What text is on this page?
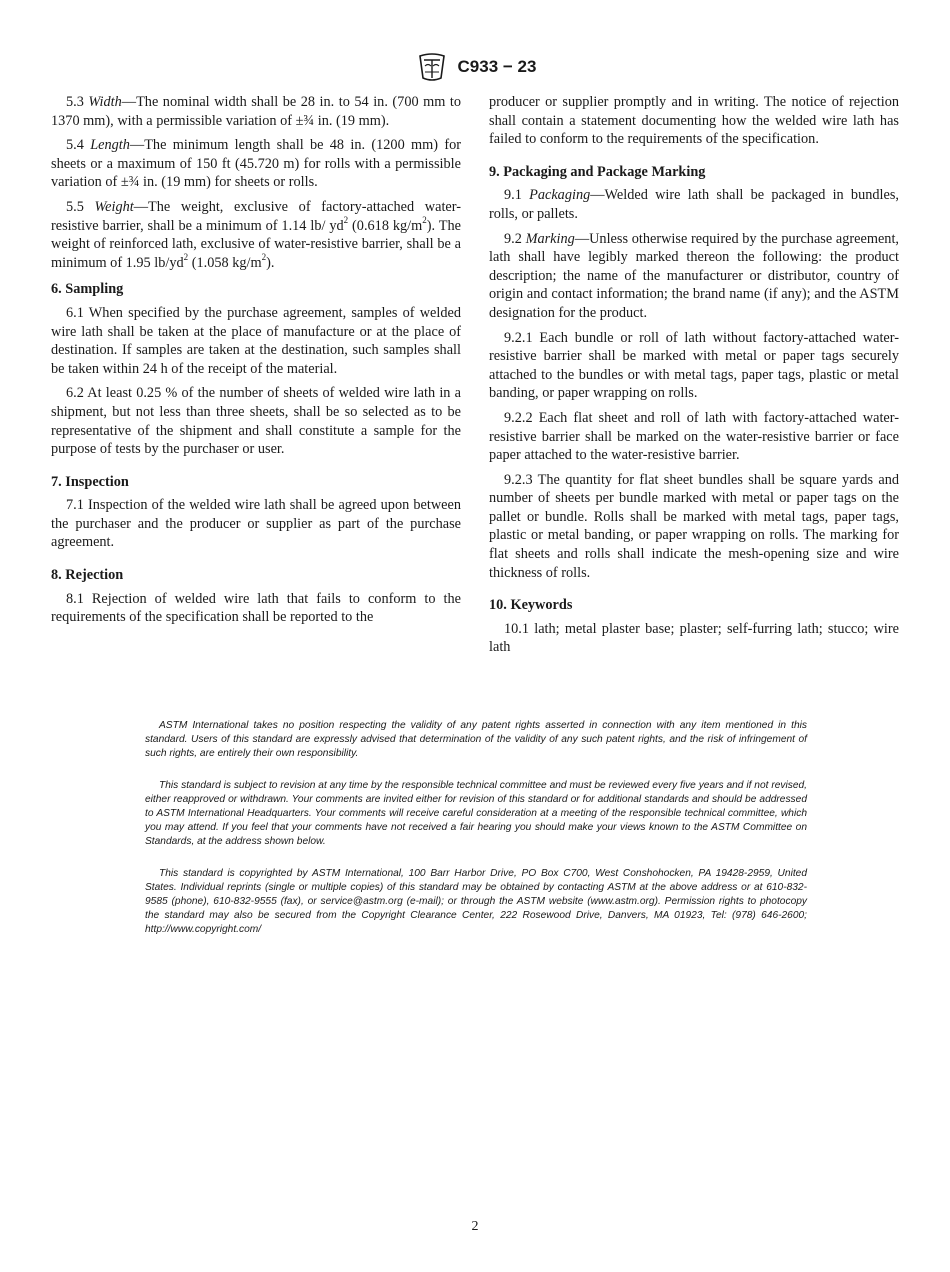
C933 − 23

5.3 Width—The nominal width shall be 28 in. to 54 in. (700 mm to 1370 mm), with a permissible variation of ±¾ in. (19 mm).

5.4 Length—The minimum length shall be 48 in. (1200 mm) for sheets or a maximum of 150 ft (45.720 m) for rolls with a permissible variation of ±¾ in. (19 mm) for sheets or rolls.

5.5 Weight—The weight, exclusive of factory-attached water-resistive barrier, shall be a minimum of 1.14 lb/ $yd^2$ (0.618 $kg/m^2$). The weight of reinforced lath, exclusive of water-resistive barrier, shall be a minimum of 1.95 $lb/yd^2$ (1.058 $kg/m^2$).

6. Sampling

6.1 When specified by the purchase agreement, samples of welded wire lath shall be taken at the place of manufacture or at the place of destination. If samples are taken at the destination, such samples shall be taken within 24 h of the receipt of the material.

6.2 At least 0.25 % of the number of sheets of welded wire lath in a shipment, but not less than three sheets, shall be so selected as to be representative of the shipment and shall constitute a sample for the purpose of tests by the purchaser or user.

7. Inspection

7.1 Inspection of the welded wire lath shall be agreed upon between the purchaser and the producer or supplier as part of the purchase agreement.

8. Rejection

8.1 Rejection of welded wire lath that fails to conform to the requirements of the specification shall be reported to the

producer or supplier promptly and in writing. The notice of rejection shall contain a statement documenting how the welded wire lath has failed to conform to the requirements of the specification.

9. Packaging and Package Marking

9.1 Packaging—Welded wire lath shall be packaged in bundles, rolls, or pallets.

9.2 Marking—Unless otherwise required by the purchase agreement, lath shall have legibly marked thereon the following: the product description; the name of the manufacturer or distributor, country of origin and contact information; the brand name (if any); and the ASTM designation for the product.

9.2.1 Each bundle or roll of lath without factory-attached water-resistive barrier shall be marked with metal or paper tags securely attached to the bundles or with metal tags, paper tags, plastic or metal banding, or paper wrapping on rolls.

9.2.2 Each flat sheet and roll of lath with factory-attached water-resistive barrier shall be marked on the water-resistive barrier or face paper attached to the water-resistive barrier.

9.2.3 The quantity for flat sheet bundles shall be square yards and number of sheets per bundle marked with metal or paper tags on the pallet or bundle. Rolls shall be marked with metal tags, paper tags, plastic or metal banding, or paper wrapping on rolls. The marking for flat sheets and rolls shall indicate the mesh-opening size and wire thickness of rolls.

10. Keywords

10.1 lath; metal plaster base; plaster; self-furring lath; stucco; wire lath

ASTM International takes no position respecting the validity of any patent rights asserted in connection with any item mentioned in this standard. Users of this standard are expressly advised that determination of the validity of any such patent rights, and the risk of infringement of such rights, are entirely their own responsibility.

This standard is subject to revision at any time by the responsible technical committee and must be reviewed every five years and if not revised, either reapproved or withdrawn. Your comments are invited either for revision of this standard or for additional standards and should be addressed to ASTM International Headquarters. Your comments will receive careful consideration at a meeting of the responsible technical committee, which you may attend. If you feel that your comments have not received a fair hearing you should make your views known to the ASTM Committee on Standards, at the address shown below.

This standard is copyrighted by ASTM International, 100 Barr Harbor Drive, PO Box C700, West Conshohocken, PA 19428-2959, United States. Individual reprints (single or multiple copies) of this standard may be obtained by contacting ASTM at the above address or at 610-832-9585 (phone), 610-832-9555 (fax), or service@astm.org (e-mail); or through the ASTM website (www.astm.org). Permission rights to photocopy the standard may also be secured from the Copyright Clearance Center, 222 Rosewood Drive, Danvers, MA 01923, Tel: (978) 646-2600; http://www.copyright.com/

2
